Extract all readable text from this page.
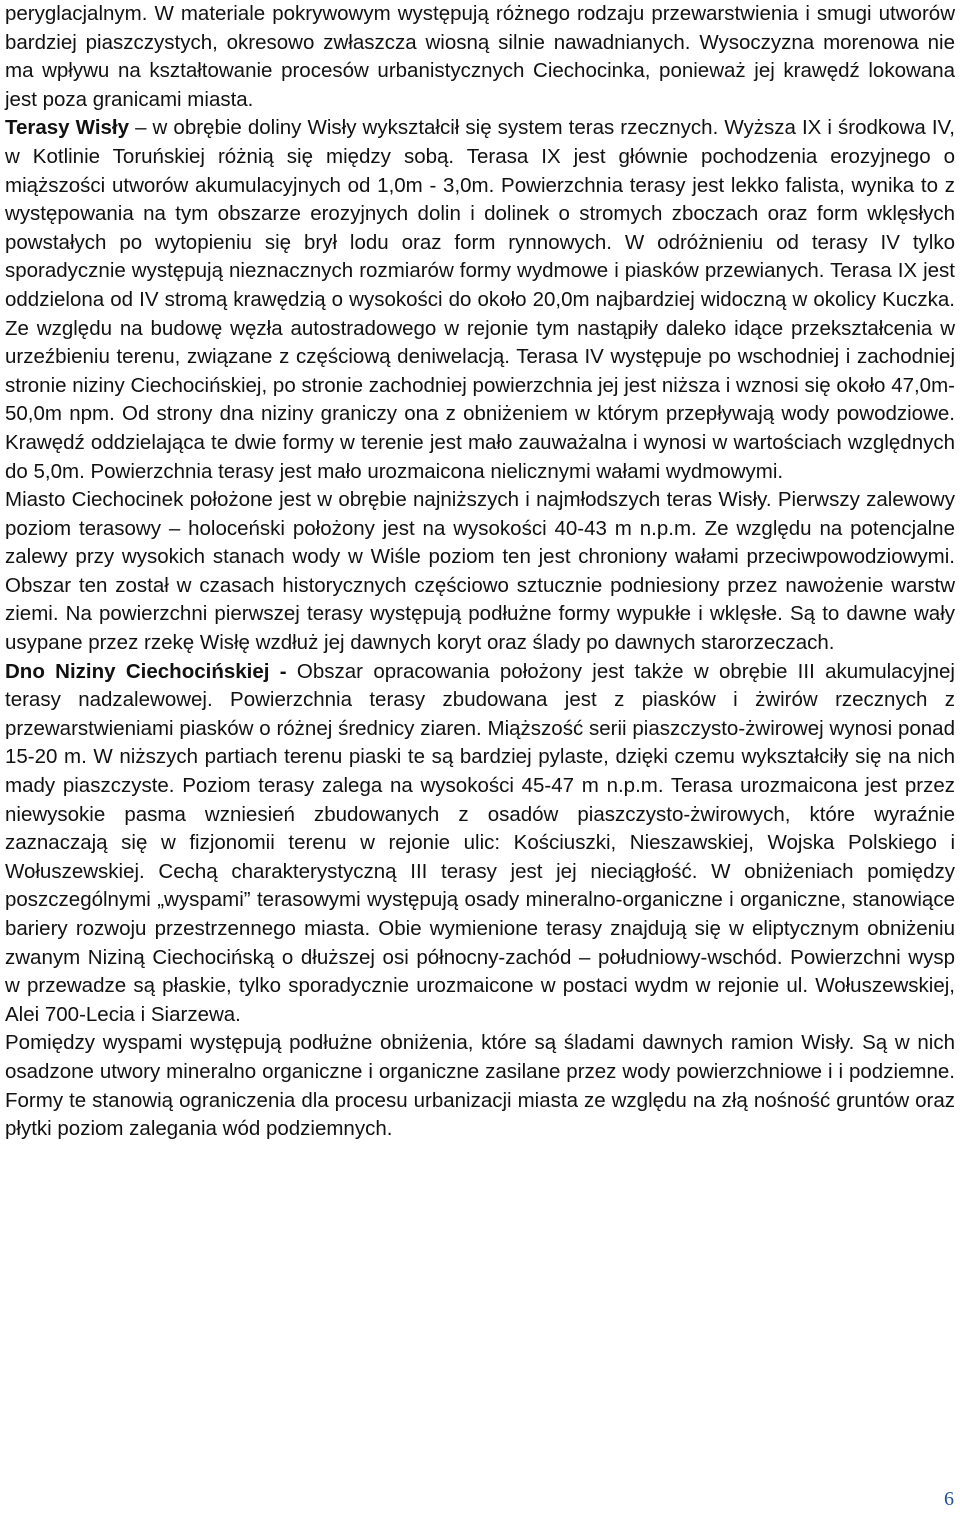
peryglacjalnym. W materiale pokrywowym występują różnego rodzaju przewarstwienia i smugi utworów bardziej piaszczystych, okresowo zwłaszcza wiosną silnie nawadnianych. Wysoczyzna morenowa nie ma wpływu na kształtowanie procesów urbanistycznych Ciechocinka, ponieważ jej krawędź lokowana jest poza granicami miasta.

Terasy Wisły – w obrębie doliny Wisły wykształcił się system teras rzecznych. Wyższa IX i środkowa IV, w Kotlinie Toruńskiej różnią się między sobą. Terasa IX jest głównie pochodzenia erozyjnego o miąższości utworów akumulacyjnych od 1,0m - 3,0m. Powierzchnia terasy jest lekko falista, wynika to z występowania na tym obszarze erozyjnych dolin i dolinek o stromych zboczach oraz form wklęsłych powstałych po wytopieniu się brył lodu oraz form rynnowych. W odróżnieniu od terasy IV tylko sporadycznie występują nieznacznych rozmiarów formy wydmowe i piasków przewianych. Terasa IX jest oddzielona od IV stromą krawędzią o wysokości do około 20,0m najbardziej widoczną w okolicy Kuczka. Ze względu na budowę węzła autostradowego w rejonie tym nastąpiły daleko idące przekształcenia w urzeźbieniu terenu, związane z częściową deniwelacją. Terasa IV występuje po wschodniej i zachodniej stronie niziny Ciechocińskiej, po stronie zachodniej powierzchnia jej jest niższa i wznosi się około 47,0m- 50,0m npm. Od strony dna niziny graniczy ona z obniżeniem w którym przepływają wody powodziowe. Krawędź oddzielająca te dwie formy w terenie jest mało zauważalna i wynosi w wartościach względnych do 5,0m. Powierzchnia terasy jest mało urozmaicona nielicznymi wałami wydmowymi.

Miasto Ciechocinek położone jest w obrębie najniższych i najmłodszych teras Wisły. Pierwszy zalewowy poziom terasowy – holoceński położony jest na wysokości 40-43 m n.p.m. Ze względu na potencjalne zalewy przy wysokich stanach wody w Wiśle poziom ten jest chroniony wałami przeciwpowodziowymi. Obszar ten został w czasach historycznych częściowo sztucznie podniesiony przez nawożenie warstw ziemi. Na powierzchni pierwszej terasy występują podłużne formy wypukłe i wklęsłe. Są to dawne wały usypane przez rzekę Wisłę wzdłuż jej dawnych koryt oraz ślady po dawnych starorzeczach.

Dno Niziny Ciechocińskiej - Obszar opracowania położony jest także w obrębie III akumulacyjnej terasy nadzalewowej. Powierzchnia terasy zbudowana jest z piasków i żwirów rzecznych z przewarstwieniami piasków o różnej średnicy ziaren. Miąższość serii piaszczysto-żwirowej wynosi ponad 15-20 m. W niższych partiach terenu piaski te są bardziej pylaste, dzięki czemu wykształciły się na nich mady piaszczyste. Poziom terasy zalega na wysokości 45-47 m n.p.m. Terasa urozmaicona jest przez niewysokie pasma wzniesień zbudowanych z osadów piaszczysto-żwirowych, które wyraźnie zaznaczają się w fizjonomii terenu w rejonie ulic: Kościuszki, Nieszawskiej, Wojska Polskiego i Wołuszewskiej. Cechą charakterystyczną III terasy jest jej nieciągłość. W obniżeniach pomiędzy poszczególnymi „wyspami” terasowymi występują osady mineralno-organiczne i organiczne, stanowiące bariery rozwoju przestrzennego miasta. Obie wymienione terasy znajdują się w eliptycznym obniżeniu zwanym Niziną Ciechocińską o dłuższej osi północny-zachód – południowy-wschód. Powierzchni wysp w przewadze są płaskie, tylko sporadycznie urozmaicone w postaci wydm w rejonie ul. Wołuszewskiej, Alei 700-Lecia i Siarzewa.

Pomiędzy wyspami występują podłużne obniżenia, które są śladami dawnych ramion Wisły. Są w nich osadzone utwory mineralno organiczne i organiczne zasilane przez wody powierzchniowe i i podziemne. Formy te stanowią ograniczenia dla procesu urbanizacji miasta ze względu na złą nośność gruntów oraz płytki poziom zalegania wód podziemnych.

6
